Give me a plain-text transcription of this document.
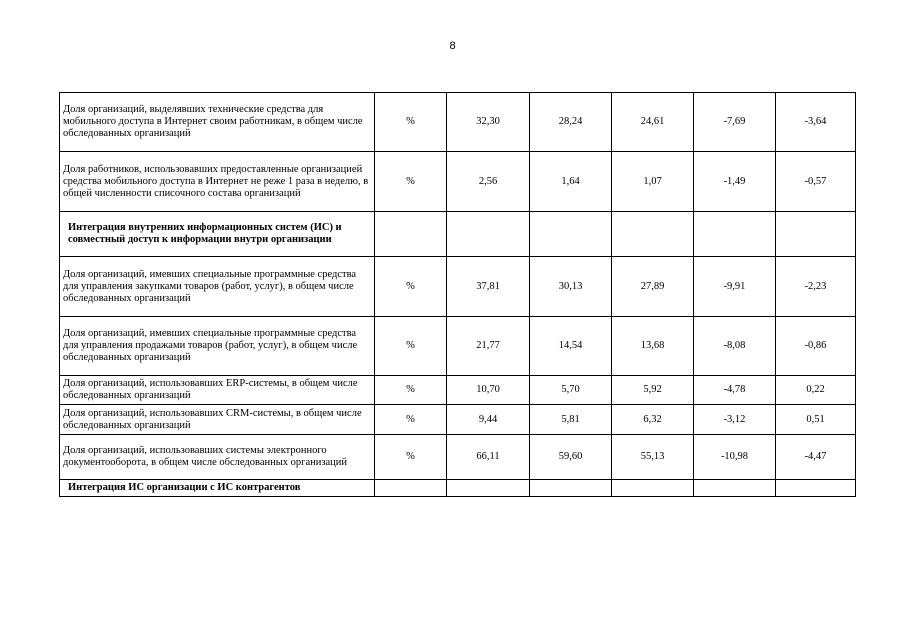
8
Доля организаций, выделявших технические средства для мобильного доступа в Интернет своим работникам, в общем числе обследованных организаций	%	32,30	28,24	24,61	-7,69	-3,64
Доля работников, использовавших предоставленные организацией средства мобильного доступа в Интернет не реже 1 раза в неделю, в общей численности списочного состава организаций	%	2,56	1,64	1,07	-1,49	-0,57
Интеграция внутренних информационных систем (ИС) и совместный доступ к информации внутри организации						
Доля организаций, имевших специальные программные средства для управления закупками товаров (работ, услуг), в общем числе обследованных организаций	%	37,81	30,13	27,89	-9,91	-2,23
Доля организаций, имевших специальные программные средства для управления продажами товаров (работ, услуг), в общем числе обследованных организаций	%	21,77	14,54	13,68	-8,08	-0,86
Доля организаций, использовавших ERP-системы, в общем числе обследованных организаций	%	10,70	5,70	5,92	-4,78	0,22
Доля организаций, использовавших CRM-системы, в общем числе обследованных организаций	%	9,44	5,81	6,32	-3,12	0,51
Доля организаций, использовавших системы электронного документооборота, в общем числе обследованных организаций	%	66,11	59,60	55,13	-10,98	-4,47
Интеграция ИС организации с ИС контрагентов						
